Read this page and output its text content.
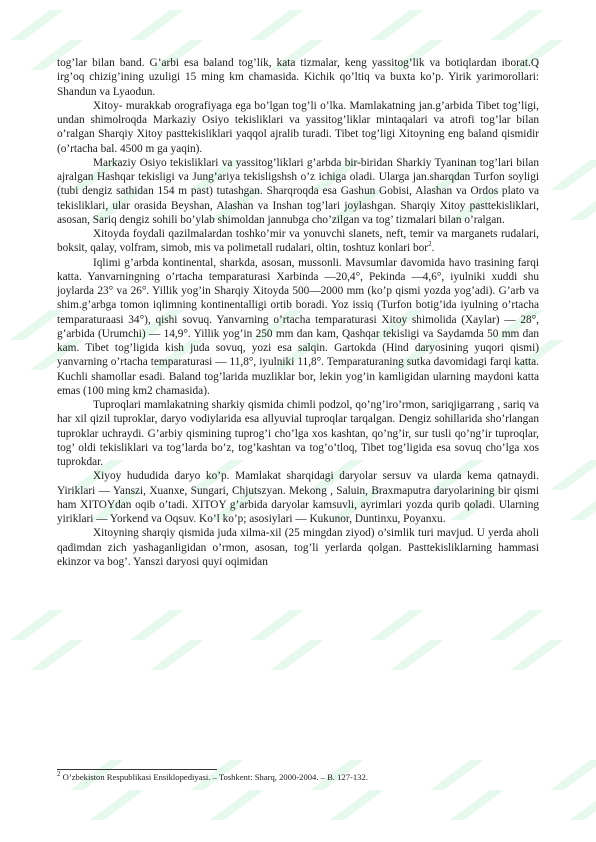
tog’lar bilan band. G’arbi esa baland tog’lik, kata tizmalar, keng yassitog’lik va botiqlardan iborat.Q irg’oq chizig’ining uzuligi 15 ming km chamasida. Kichik qo’ltiq va buxta ko’p. Yirik yarimorollari: Shandun va Lyaodun.

Xitoy- murakkab orografiyaga ega bo’lgan tog’li o’lka. Mamlakatning jan.g’arbida Tibet tog’ligi, undan shimolroqda Markaziy Osiyo tekisliklari va yassitog’liklar mintaqalari va atrofi tog’lar bilan o’ralgan Sharqiy Xitoy pasttekisliklari yaqqol ajralib turadi. Tibet tog’ligi Xitoyning eng baland qismidir (o’rtacha bal. 4500 m ga yaqin).

Markaziy Osiyo tekisliklari va yassitog’liklari g’arbda bir-biridan Sharkiy Tyaninan tog’lari bilan ajralgan Hashqar tekisligi va Jung’ariya tekisligshsh o’z ichiga oladi. Ularga jan.sharqdan Turfon soyligi (tubi dengiz sathidan 154 m past) tutashgan. Sharqroqda esa Gashun Gobisi, Alashan va Ordos plato va tekisliklari, ular orasida Beyshan, Alashan va Inshan tog’lari joylashgan. Sharqiy Xitoy pasttekisliklari, asosan, Sariq dengiz sohili bo’ylab shimoldan jannubga cho’zilgan va tog’ tizmalari bilan o’ralgan.

Xitoyda foydali qazilmalardan toshko’mir va yonuvchi slanets, neft, temir va marganets rudalari, boksit, qalay, volfram, simob, mis va polimetall rudalari, oltin, toshtuz konlari bor$^2$.

Iqlimi g’arbda kontinental, sharkda, asosan, mussonli. Mavsumlar davomida havo trasining farqi katta. Yanvarningning o’rtacha temparaturasi Xarbinda —20,4°, Pekinda —4,6°, iyulniki xuddi shu joylarda 23° va 26°. Yillik yog’in Sharqiy Xitoyda 500—2000 mm (ko’p qismi yozda yog’adi). G’arb va shim.g’arbga tomon iqlimning kontinentalligi ortib boradi. Yoz issiq (Turfon botig’ida iyulning o’rtacha temparaturaasi 34°), qishi sovuq. Yanvarning o’rtacha temparaturasi Xitoy shimolida (Xaylar) — 28°, g’arbida (Urumchi) — 14,9°. Yillik yog’in 250 mm dan kam, Qashqar tekisligi va Saydamda 50 mm dan kam. Tibet tog’ligida kish juda sovuq, yozi esa salqin. Gartokda (Hind daryosining yuqori qismi) yanvarning o’rtacha temparaturasi — 11,8°, iyulniki 11,8°. Temparaturaning sutka davomidagi farqi katta. Kuchli shamollar esadi. Baland tog’larida muzliklar bor, lekin yog’in kamligidan ularning maydoni katta emas (100 ming km2 chamasida).

Tuproqlari mamlakatning sharkiy qismida chimli podzol, qo’ng’iro’rmon, sariqjigarrang , sariq va har xil qizil tuproklar, daryo vodiylarida esa allyuvial tuproqlar tarqalgan. Dengiz sohillarida sho’rlangan tuproklar uchraydi. G’arbiy qismining tuprog’i cho’lga xos kashtan, qo’ng’ir, sur tusli qo’ng’ir tuproqlar, tog’ oldi tekisliklari va tog’larda bo’z, tog’kashtan va tog’o’tloq, Tibet tog’ligida esa sovuq cho’lga xos tuprokdar.

Xiyoy hududida daryo ko’p. Mamlakat sharqidagi daryolar sersuv va ularda kema qatnaydi. Yiriklari — Yanszi, Xuanxe, Sungari, Chjutszyan. Mekong , Saluin, Braxmaputra daryolarining bir qismi ham XITOYdan oqib o’tadi. XITOY g’arbida daryolar kamsuvli, ayrimlari yozda qurib qoladi. Ularning yiriklari — Yorkend va Oqsuv. Ko’l ko’p; asosiylari — Kukunor, Duntinxu, Poyanxu.

Xitoyning sharqiy qismida juda xilma-xil (25 mingdan ziyod) o’simlik turi mavjud. U yerda aholi qadimdan zich yashaganligidan o’rmon, asosan, tog’li yerlarda qolgan. Pasttekisliklarning hammasi ekinzor va bog’. Yanszi daryosi quyi oqimidan

$^2$ O’zbekiston Respublikasi Ensiklopediyasi. – Toshkent: Sharq, 2000-2004. – B. 127-132.
